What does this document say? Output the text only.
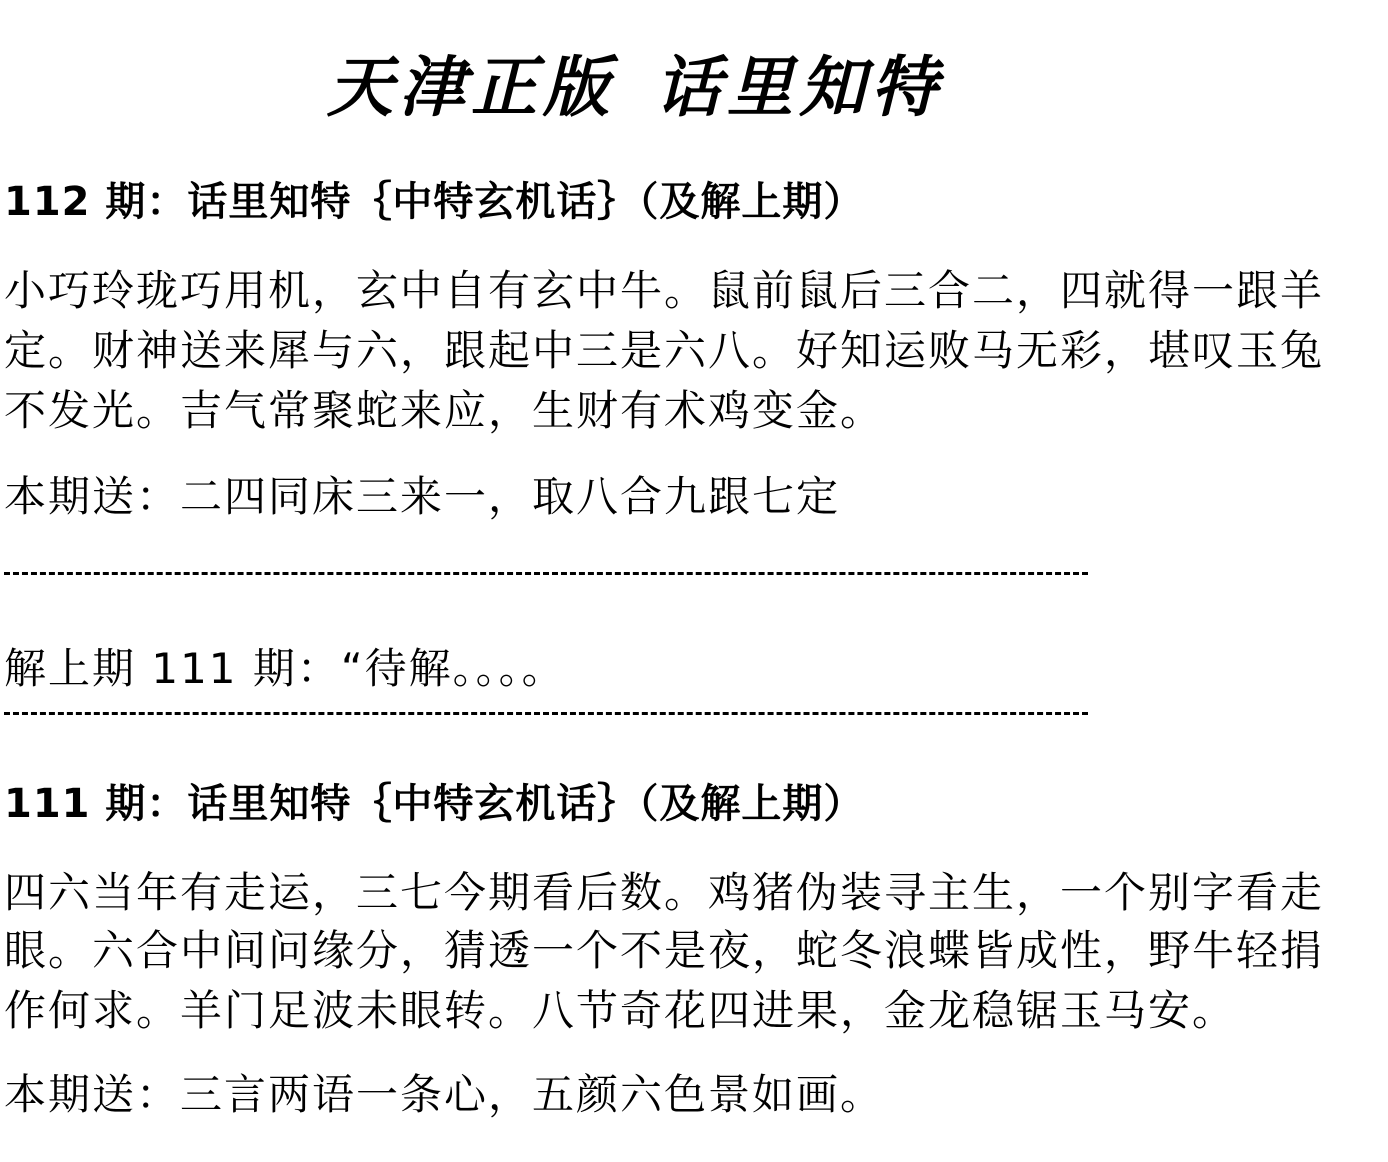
天津正版 话里知特
112 期：话里知特｛中特玄机话｝（及解上期）
小巧玲珑巧用机，玄中自有玄中牛。鼠前鼠后三合二，四就得一跟羊
定。财神送来犀与六，跟起中三是六八。好知运败马无彩，堪叹玉兔
不发光。吉气常聚蛇来应，生财有术鸡变金。
本期送：二四同床三来一，取八合九跟七定
解上期 111 期：“待解。。。。
111 期：话里知特｛中特玄机话｝（及解上期）
四六当年有走运，三七今期看后数。鸡猪伪装寻主生，一个别字看走
眼。六合中间问缘分，猜透一个不是夜，蛇冬浪蝶皆成性，野牛轻捐
作何求。羊门足波未眼转。八节奇花四进果，金龙稳锯玉马安。
本期送：三言两语一条心，五颜六色景如画。
